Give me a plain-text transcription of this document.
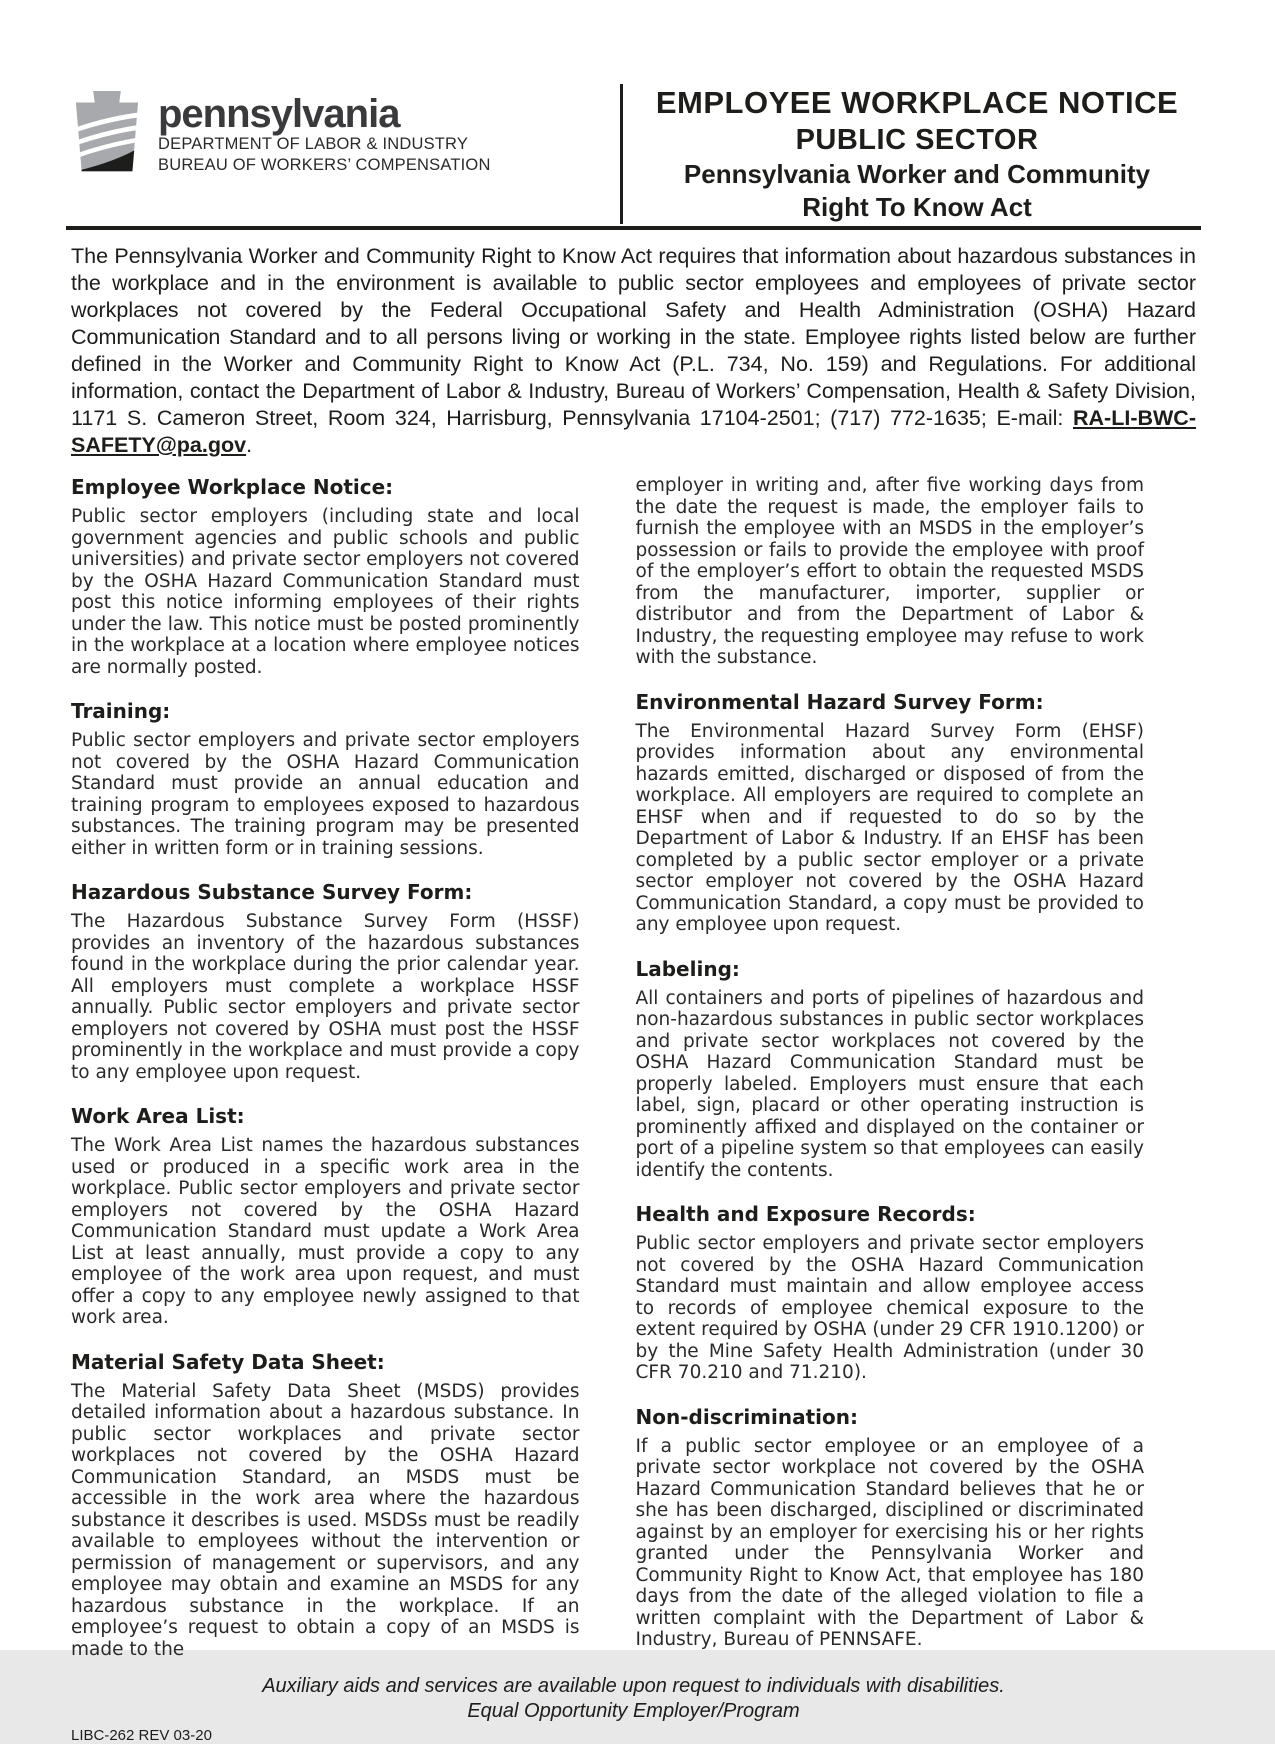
pennsylvania
DEPARTMENT OF LABOR & INDUSTRY
BUREAU OF WORKERS’ COMPENSATION
EMPLOYEE WORKPLACE NOTICE
PUBLIC SECTOR
Pennsylvania Worker and Community
Right To Know Act

The Pennsylvania Worker and Community Right to Know Act requires that information about hazardous substances in the workplace and in the environment is available to public sector employees and employees of private sector workplaces not covered by the Federal Occupational Safety and Health Administration (OSHA) Hazard Communication Standard and to all persons living or working in the state. Employee rights listed below are further defined in the Worker and Community Right to Know Act (P.L. 734, No. 159) and Regulations. For additional information, contact the Department of Labor & Industry, Bureau of Workers’ Compensation, Health & Safety Division, 1171 S. Cameron Street, Room 324, Harrisburg, Pennsylvania 17104-2501; (717) 772-1635; E-mail: RA-LI-BWC-SAFETY@pa.gov.

Employee Workplace Notice:

Public sector employers (including state and local government agencies and public schools and public universities) and private sector employers not covered by the OSHA Hazard Communication Standard must post this notice informing employees of their rights under the law. This notice must be posted prominently in the workplace at a location where employee notices are normally posted.

Training:

Public sector employers and private sector employers not covered by the OSHA Hazard Communication Standard must provide an annual education and training program to employees exposed to hazardous substances. The training program may be presented either in written form or in training sessions.

Hazardous Substance Survey Form:

The Hazardous Substance Survey Form (HSSF) provides an inventory of the hazardous substances found in the workplace during the prior calendar year. All employers must complete a workplace HSSF annually. Public sector employers and private sector employers not covered by OSHA must post the HSSF prominently in the workplace and must provide a copy to any employee upon request.

Work Area List:

The Work Area List names the hazardous substances used or produced in a specific work area in the workplace. Public sector employers and private sector employers not covered by the OSHA Hazard Communication Standard must update a Work Area List at least annually, must provide a copy to any employee of the work area upon request, and must offer a copy to any employee newly assigned to that work area.

Material Safety Data Sheet:

The Material Safety Data Sheet (MSDS) provides detailed information about a hazardous substance. In public sector workplaces and private sector workplaces not covered by the OSHA Hazard Communication Standard, an MSDS must be accessible in the work area where the hazardous substance it describes is used. MSDSs must be readily available to employees without the intervention or permission of management or supervisors, and any employee may obtain and examine an MSDS for any hazardous substance in the workplace. If an employee’s request to obtain a copy of an MSDS is made to the

employer in writing and, after five working days from the date the request is made, the employer fails to furnish the employee with an MSDS in the employer’s possession or fails to provide the employee with proof of the employer’s effort to obtain the requested MSDS from the manufacturer, importer, supplier or distributor and from the Department of Labor & Industry, the requesting employee may refuse to work with the substance.

Environmental Hazard Survey Form:

The Environmental Hazard Survey Form (EHSF) provides information about any environmental hazards emitted, discharged or disposed of from the workplace. All employers are required to complete an EHSF when and if requested to do so by the Department of Labor & Industry. If an EHSF has been completed by a public sector employer or a private sector employer not covered by the OSHA Hazard Communication Standard, a copy must be provided to any employee upon request.

Labeling:

All containers and ports of pipelines of hazardous and non-hazardous substances in public sector workplaces and private sector workplaces not covered by the OSHA Hazard Communication Standard must be properly labeled. Employers must ensure that each label, sign, placard or other operating instruction is prominently affixed and displayed on the container or port of a pipeline system so that employees can easily identify the contents.

Health and Exposure Records:

Public sector employers and private sector employers not covered by the OSHA Hazard Communication Standard must maintain and allow employee access to records of employee chemical exposure to the extent required by OSHA (under 29 CFR 1910.1200) or by the Mine Safety Health Administration (under 30 CFR 70.210 and 71.210).

Non-discrimination:

If a public sector employee or an employee of a private sector workplace not covered by the OSHA Hazard Communication Standard believes that he or she has been discharged, disciplined or discriminated against by an employer for exercising his or her rights granted under the Pennsylvania Worker and Community Right to Know Act, that employee has 180 days from the date of the alleged violation to file a written complaint with the Department of Labor & Industry, Bureau of PENNSAFE.

Auxiliary aids and services are available upon request to individuals with disabilities.
Equal Opportunity Employer/Program
LIBC-262 REV 03-20
